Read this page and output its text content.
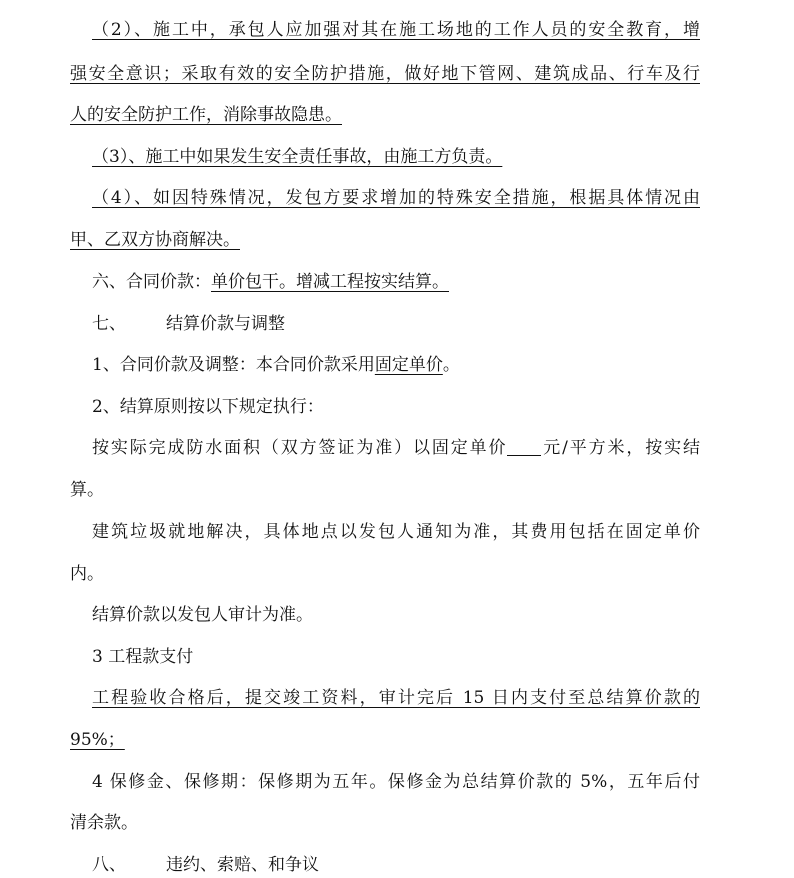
（2）、施工中，承包人应加强对其在施工场地的工作人员的安全教育，增
强安全意识；采取有效的安全防护措施，做好地下管网、建筑成品、行车及行
人的安全防护工作，消除事故隐患。
（3）、施工中如果发生安全责任事故，由施工方负责。
（4）、如因特殊情况，发包方要求增加的特殊安全措施，根据具体情况由
甲、乙双方协商解决。
六、合同价款：单价包干。增减工程按实结算。
七、 结算价款与调整
1、合同价款及调整：本合同价款采用固定单价。
2、结算原则按以下规定执行：
按实际完成防水面积（双方签证为准）以固定单价 元/平方米，按实结
算。
建筑垃圾就地解决，具体地点以发包人通知为准，其费用包括在固定单价
内。
结算价款以发包人审计为准。
3 工程款支付
工程验收合格后，提交竣工资料，审计完后 15 日内支付至总结算价款的
95%；
4 保修金、保修期：保修期为五年。保修金为总结算价款的 5%，五年后付
清余款。
八、 违约、索赔、和争议
